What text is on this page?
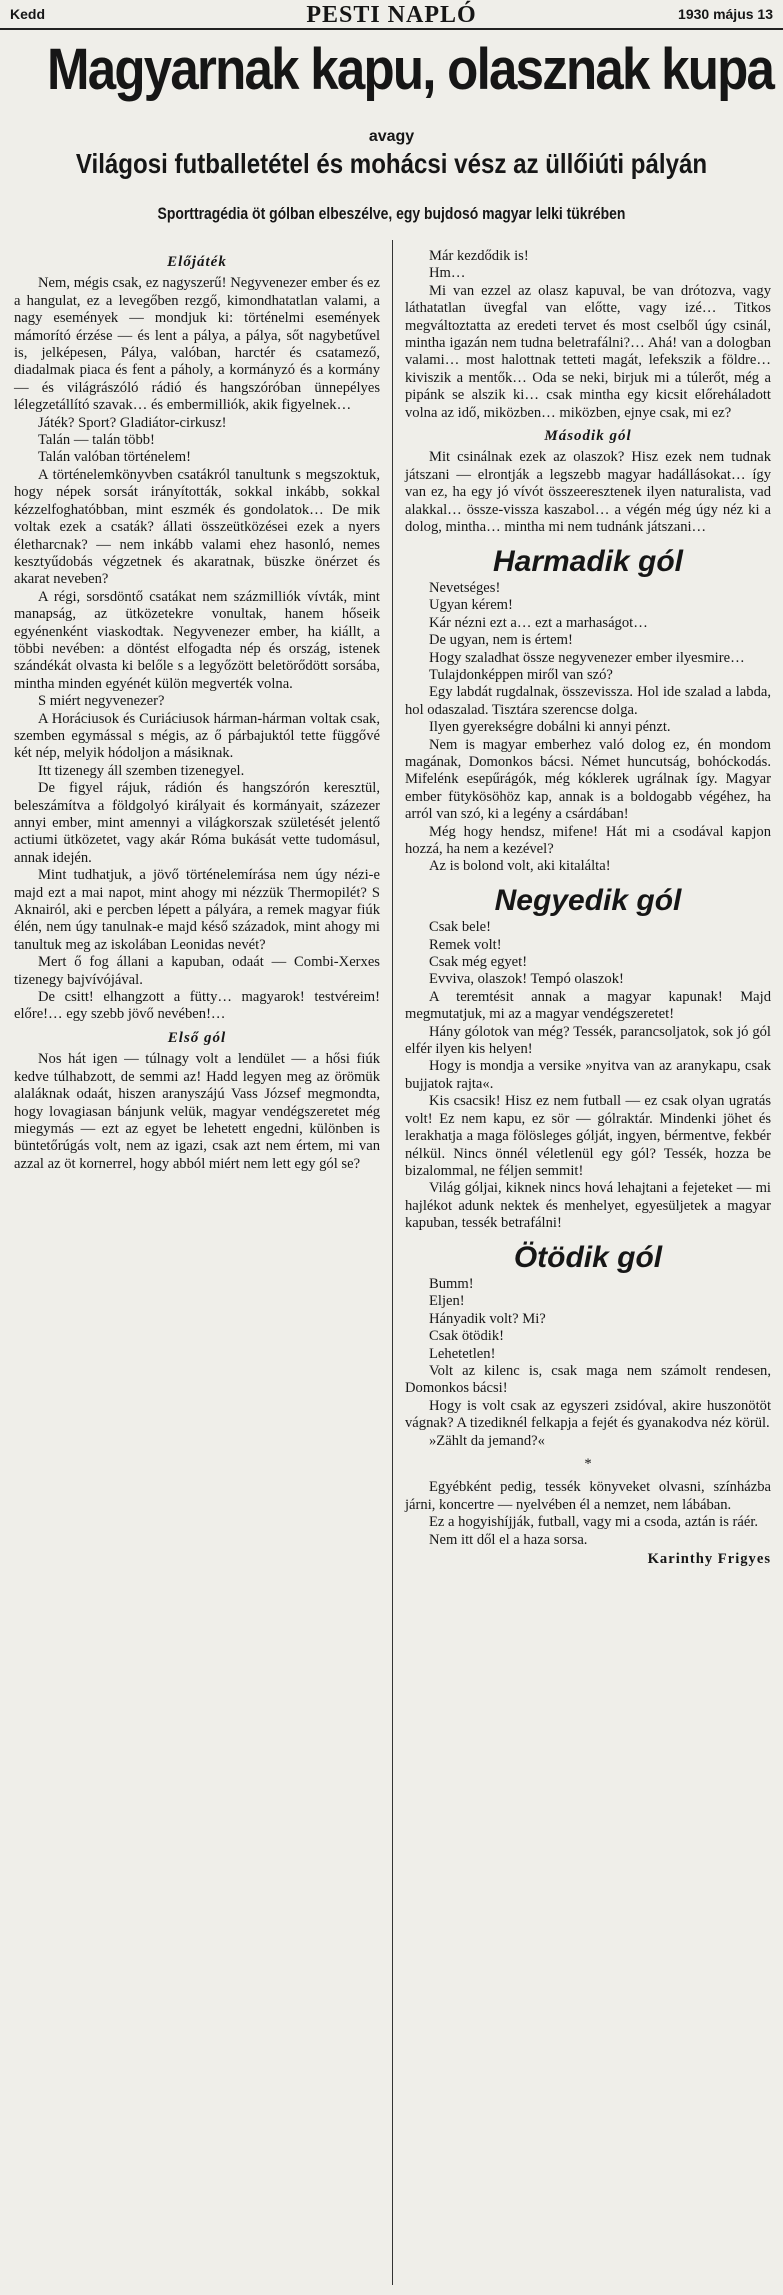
Kedd	PESTI NAPLÓ	1930 május 13
Magyarnak kapu, olasznak kupa
avagy
Világosi futballetétel és mohácsi vész az üllőiúti pályán
Sporttragédia öt gólban elbeszélve, egy bujdosó magyar lelki tükrében
Előjáték

Nem, mégis csak, ez nagyszerű! Negyvenezer ember és ez a hangulat, ez a levegőben rezgő, kimondhatatlan valami, a nagy események — mondjuk ki: történelmi események mámorító érzése — és lent a pálya, a pálya, sőt nagybetűvel is, jelképesen, Pálya, valóban, harctér és csatamező, diadalmak piaca és fent a páholy, a kormányzó és a kormány — és világrászóló rádió és hangszóróban ünnepélyes lélegzetállító szavak… és embermilliók, akik figyelnek…

Játék? Sport? Gladiátor-cirkusz!

Talán — talán több!

Talán valóban történelem!

A történelemkönyvben csatákról tanultunk s megszoktuk, hogy népek sorsát irányították, sokkal inkább, sokkal kézzelfoghatóbban, mint eszmék és gondolatok… De mik voltak ezek a csaták? állati összeütközései ezek a nyers életharcnak? — nem inkább valami ehez hasonló, nemes kesztyűdobás végzetnek és akaratnak, büszke önérzet és akarat neveben?

A régi, sorsdöntő csatákat nem százmilliók vívták, mint manapság, az ütközetekre vonultak, hanem hőseik egyénenként viaskodtak. Negyvenezer ember, ha kiállt, a többi nevében: a döntést elfogadta nép és ország, istenek szándékát olvasta ki belőle s a legyőzött beletörődött sorsába, mintha minden egyénét külön megverték volna.

S miért negyvenezer?

A Horáciusok és Curiáciusok hárman-hárman voltak csak, szemben egymással s mégis, az ő párbajuktól tette függővé két nép, melyik hódoljon a másiknak.

Itt tizenegy áll szemben tizenegyel.

De figyel rájuk, rádión és hangszórón keresztül, beleszámítva a földgolyó királyait és kormányait, százezer annyi ember, mint amennyi a világkorszak születését jelentő actiumi ütközetet, vagy akár Róma bukását vette tudomásul, annak idején.

Mint tudhatjuk, a jövő történelemírása nem úgy nézi-e majd ezt a mai napot, mint ahogy mi nézzük Thermopilét? S Aknairól, aki e percben lépett a pályára, a remek magyar fiúk élén, nem úgy tanulnak-e majd késő századok, mint ahogy mi tanultuk meg az iskolában Leonidas nevét?

Mert ő fog állani a kapuban, odaát — Combi-Xerxes tizenegy bajvívójával.

De csitt! elhangzott a fütty… magyarok! testvéreim! előre!… egy szebb jövő nevében!…

Első gól

Nos hát igen — túlnagy volt a lendület — a hősi fiúk kedve túlhabzott, de semmi az! Hadd legyen meg az örömük alaláknak odaát, hiszen aranyszájú Vass József megmondta, hogy lovagiasan bánjunk velük, magyar vendégszeretet még miegymás — ezt az egyet be lehetett engedni, különben is büntetőrúgás volt, nem az igazi, csak azt nem értem, mi van azzal az öt kornerrel, hogy abból miért nem lett egy gól se?

Már kezdődik is!

Hm…

Mi van ezzel az olasz kapuval, be van drótozva, vagy láthatatlan üvegfal van előtte, vagy izé… Titkos megváltoztatta az eredeti tervet és most cselből úgy csinál, mintha igazán nem tudna beletrafálni?… Ahá! van a dologban valami… most halottnak tetteti magát, lefekszik a földre… kiviszik a mentők… Oda se neki, birjuk mi a túlerőt, még a pipánk se alszik ki… csak mintha egy kicsit előreháladott volna az idő, miközben… miközben, ejnye csak, mi ez?

Második gól

Mit csinálnak ezek az olaszok? Hisz ezek nem tudnak játszani — elrontják a legszebb magyar hadállásokat… így van ez, ha egy jó vívót összeeresztenek ilyen naturalista, vad alakkal… össze-vissza kaszabol… a végén még úgy néz ki a dolog, mintha… mintha mi nem tudnánk játszani…

Harmadik gól

Nevetséges!

Ugyan kérem!

Kár nézni ezt a… ezt a marhaságot…

De ugyan, nem is értem!

Hogy szaladhat össze negyvenezer ember ilyesmire…

Tulajdonképpen miről van szó?

Egy labdát rugdalnak, összevissza. Hol ide szalad a labda, hol odaszalad. Tisztára szerencse dolga.

Ilyen gyerekségre dobálni ki annyi pénzt.

Nem is magyar emberhez való dolog ez, én mondom magának, Domonkos bácsi. Német huncutság, bohóckodás. Mifelénk esepűrágók, még kóklerek ugrálnak így. Magyar ember fütykösöhöz kap, annak is a boldogabb végéhez, ha arról van szó, ki a legény a csárdában!

Még hogy hendsz, mifene! Hát mi a csodával kapjon hozzá, ha nem a kezével?

Az is bolond volt, aki kitalálta!

Negyedik gól

Csak bele!

Remek volt!

Csak még egyet!

Evviva, olaszok! Tempó olaszok!

A teremtésit annak a magyar kapunak! Majd megmutatjuk, mi az a magyar vendégszeretet!

Hány gólotok van még? Tessék, parancsoljatok, sok jó gól elfér ilyen kis helyen!

Hogy is mondja a versike »nyitva van az aranykapu, csak bujjatok rajta«.

Kis csacsik! Hisz ez nem futball — ez csak olyan ugratás volt! Ez nem kapu, ez sör — gólraktár. Mindenki jöhet és lerakhatja a maga fölösleges gólját, ingyen, bérmentve, fekbér nélkül. Nincs önnél véletlenül egy gól? Tessék, hozza be bizalommal, ne féljen semmit!

Világ góljai, kiknek nincs hová lehajtani a fejeteket — mi hajlékot adunk nektek és menhelyet, egyesüljetek a magyar kapuban, tessék betrafálni!

Ötödik gól

Bumm!

Eljen!

Hányadik volt? Mi?

Csak ötödik!

Lehetetlen!

Volt az kilenc is, csak maga nem számolt rendesen, Domonkos bácsi!

Hogy is volt csak az egyszeri zsidóval, akire huszonötöt vágnak? A tizediknél felkapja a fejét és gyanakodva néz körül.

»Zählt da jemand?«

*

Egyébként pedig, tessék könyveket olvasni, színházba járni, koncertre — nyelvében él a nemzet, nem lábában.

Ez a hogyishíjják, futball, vagy mi a csoda, aztán is ráér.

Nem itt dől el a haza sorsa.

Karinthy Frigyes
